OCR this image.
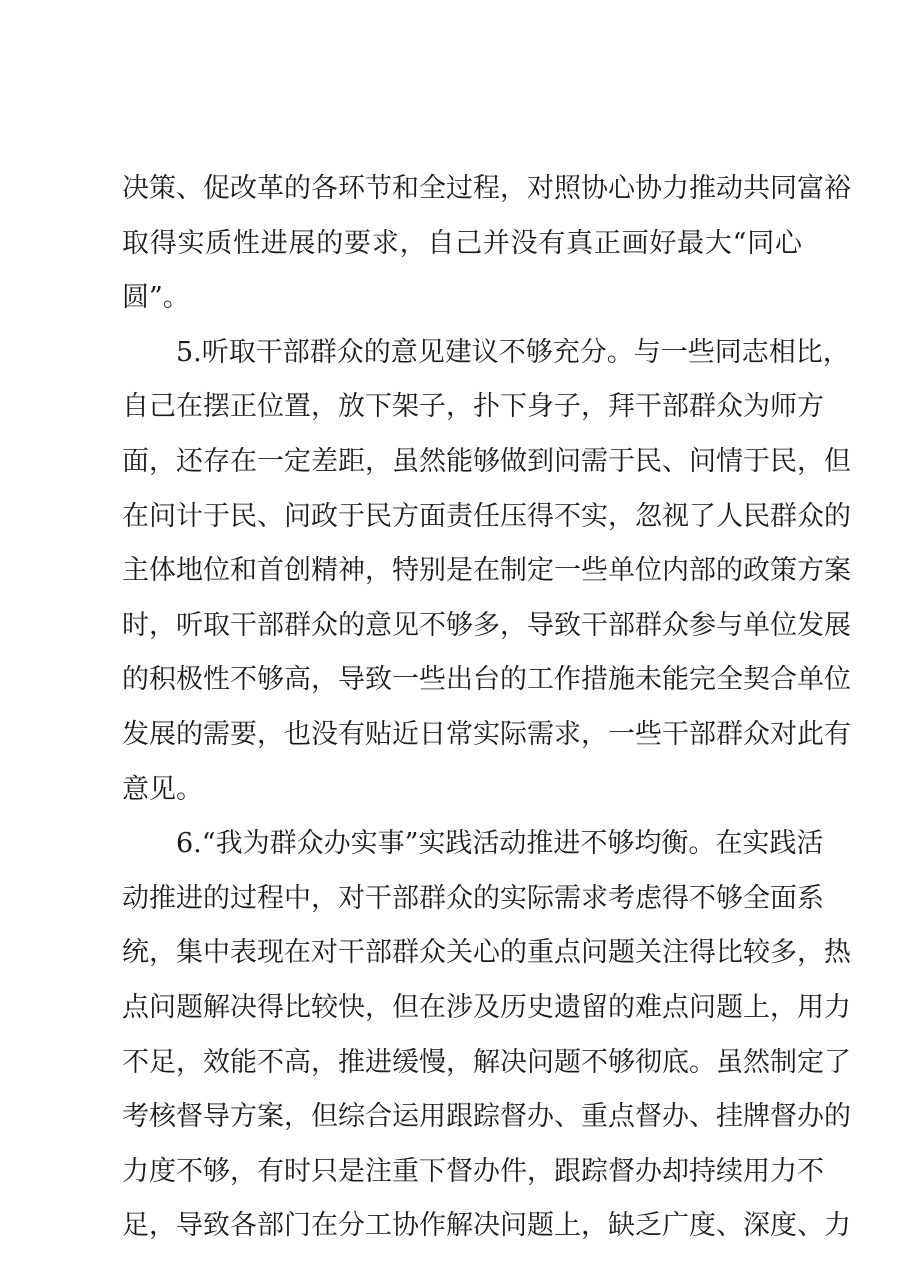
决策、促改革的各环节和全过程，对照协心协力推动共同富裕
取得实质性进展的要求，自己并没有真正画好最大“同心
圆”。
5.听取干部群众的意见建议不够充分。与一些同志相比，
自己在摆正位置，放下架子，扑下身子，拜干部群众为师方
面，还存在一定差距，虽然能够做到问需于民、问情于民，但
在问计于民、问政于民方面责任压得不实，忽视了人民群众的
主体地位和首创精神，特别是在制定一些单位内部的政策方案
时，听取干部群众的意见不够多，导致干部群众参与单位发展
的积极性不够高，导致一些出台的工作措施未能完全契合单位
发展的需要，也没有贴近日常实际需求，一些干部群众对此有
意见。
6.“我为群众办实事”实践活动推进不够均衡。在实践活
动推进的过程中，对干部群众的实际需求考虑得不够全面系
统，集中表现在对干部群众关心的重点问题关注得比较多，热
点问题解决得比较快，但在涉及历史遗留的难点问题上，用力
不足，效能不高，推进缓慢，解决问题不够彻底。虽然制定了
考核督导方案，但综合运用跟踪督办、重点督办、挂牌督办的
力度不够，有时只是注重下督办件，跟踪督办却持续用力不
足，导致各部门在分工协作解决问题上，缺乏广度、深度、力
